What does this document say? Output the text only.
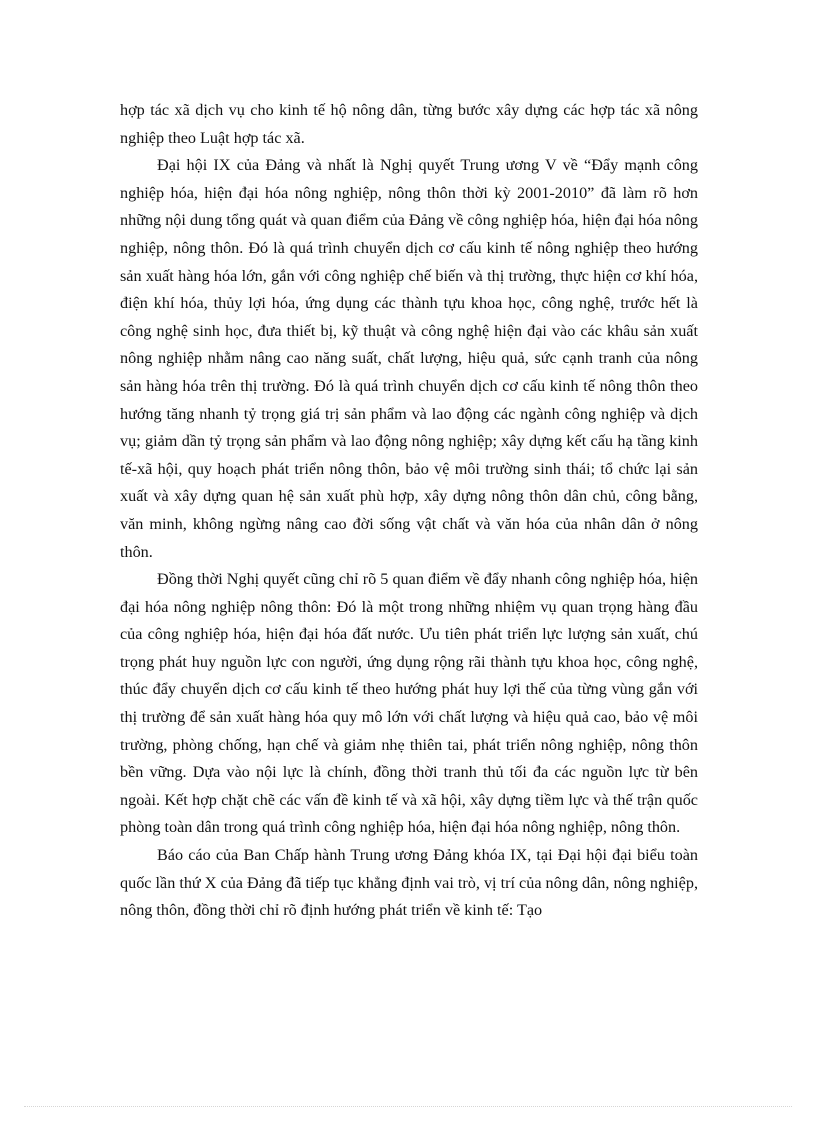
hợp tác xã dịch vụ cho kinh tế hộ nông dân, từng bước xây dựng các hợp tác xã nông nghiệp theo Luật hợp tác xã.

Đại hội IX của Đảng và nhất là Nghị quyết Trung ương V về “Đẩy mạnh công nghiệp hóa, hiện đại hóa nông nghiệp, nông thôn thời kỳ 2001-2010” đã làm rõ hơn những nội dung tổng quát và quan điểm của Đảng về công nghiệp hóa, hiện đại hóa nông nghiệp, nông thôn. Đó là quá trình chuyển dịch cơ cấu kinh tế nông nghiệp theo hướng sản xuất hàng hóa lớn, gắn với công nghiệp chế biến và thị trường, thực hiện cơ khí hóa, điện khí hóa, thủy lợi hóa, ứng dụng các thành tựu khoa học, công nghệ, trước hết là công nghệ sinh học, đưa thiết bị, kỹ thuật và công nghệ hiện đại vào các khâu sản xuất nông nghiệp nhằm nâng cao năng suất, chất lượng, hiệu quả, sức cạnh tranh của nông sản hàng hóa trên thị trường. Đó là quá trình chuyển dịch cơ cấu kinh tế nông thôn theo hướng tăng nhanh tỷ trọng giá trị sản phẩm và lao động các ngành công nghiệp và dịch vụ; giảm dần tỷ trọng sản phẩm và lao động nông nghiệp; xây dựng kết cấu hạ tầng kinh tế-xã hội, quy hoạch phát triển nông thôn, bảo vệ môi trường sinh thái; tổ chức lại sản xuất và xây dựng quan hệ sản xuất phù hợp, xây dựng nông thôn dân chủ, công bằng, văn minh, không ngừng nâng cao đời sống vật chất và văn hóa của nhân dân ở nông thôn.

Đồng thời Nghị quyết cũng chỉ rõ 5 quan điểm về đẩy nhanh công nghiệp hóa, hiện đại hóa nông nghiệp nông thôn: Đó là một trong những nhiệm vụ quan trọng hàng đầu của công nghiệp hóa, hiện đại hóa đất nước. Ưu tiên phát triển lực lượng sản xuất, chú trọng phát huy nguồn lực con người, ứng dụng rộng rãi thành tựu khoa học, công nghệ, thúc đẩy chuyển dịch cơ cấu kinh tế theo hướng phát huy lợi thế của từng vùng gắn với thị trường để sản xuất hàng hóa quy mô lớn với chất lượng và hiệu quả cao, bảo vệ môi trường, phòng chống, hạn chế và giảm nhẹ thiên tai, phát triển nông nghiệp, nông thôn bền vững. Dựa vào nội lực là chính, đồng thời tranh thủ tối đa các nguồn lực từ bên ngoài. Kết hợp chặt chẽ các vấn đề kinh tế và xã hội, xây dựng tiềm lực và thế trận quốc phòng toàn dân trong quá trình công nghiệp hóa, hiện đại hóa nông nghiệp, nông thôn.

Báo cáo của Ban Chấp hành Trung ương Đảng khóa IX, tại Đại hội đại biểu toàn quốc lần thứ X của Đảng đã tiếp tục khẳng định vai trò, vị trí của nông dân, nông nghiệp, nông thôn, đồng thời chỉ rõ định hướng phát triển về kinh tế: Tạo
